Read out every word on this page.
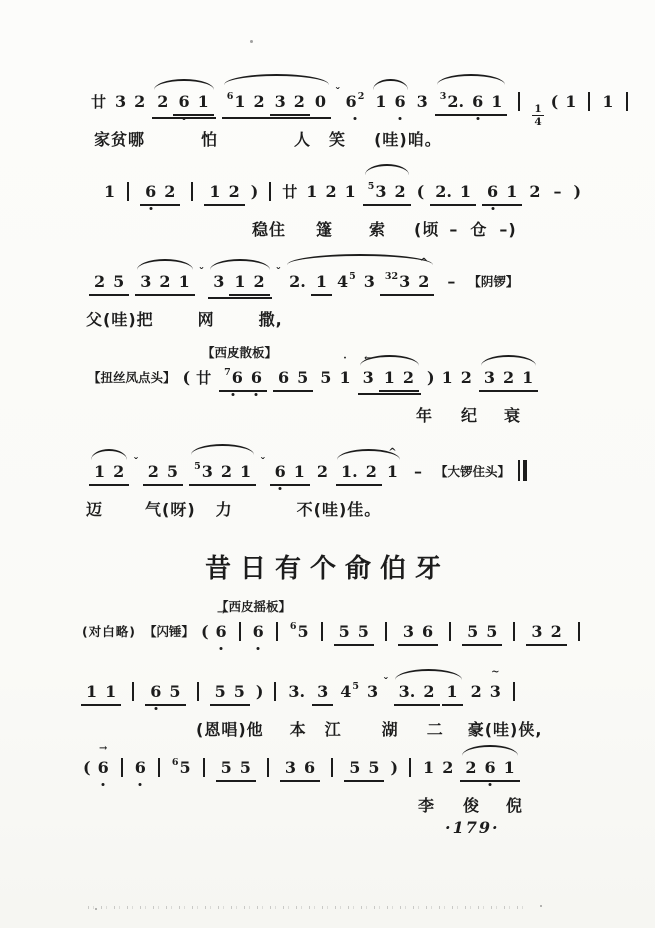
廿 3 2 2 6 1 $^6$1 2 3 2 0 ˇ $6^2$ 1 6 3 $^3$2. 6 1
$\frac{1}{4}$
( 1 1
家贫哪	怕	人 笑 (哇)咱。
1 6 2 1 2 ) 廿 1 2 1 $^5$3 2 ( 2. 1 6 1 2 – )
稳住 篷 索 (顷 – 仓 –)
2 5 3 2 1 ˇ 3 1 2 ˇ 2. 1 $4^5$ 3 $^{32}$3 ^ 2 – 【阴锣】
父(哇)把	网	撒,
【西皮散板】
【扭丝凤点头】 ( 廿 → $^7$6 6 6 5 5 · 1 ← 3 1 2 ) 1 2 3 2 1
年 纪 衰
1 2 ˇ 2 5 $^5$3 2 1 ˇ 6 1 2 1. 2 ^ 1 – 【大锣住头】
迈	气(呀) 力	不(哇)佳。
昔日有个俞伯牙
【西皮摇板】
(对白略) 【闪锤】 ( → 6 6	$^6$5 5 5 3 6 5 5 3 2
1 1 6 5 5 5 ) 3. 3 $4^5$ 3 ˇ 3. 2 1 2 ~ 3
(恩唱)他 本 江	湖 二 豪(哇)侠,
( → 6 6	$^6$5 5 5 3 6 5 5 ) 1 2 2 6 1
李 俊 倪
·179·
